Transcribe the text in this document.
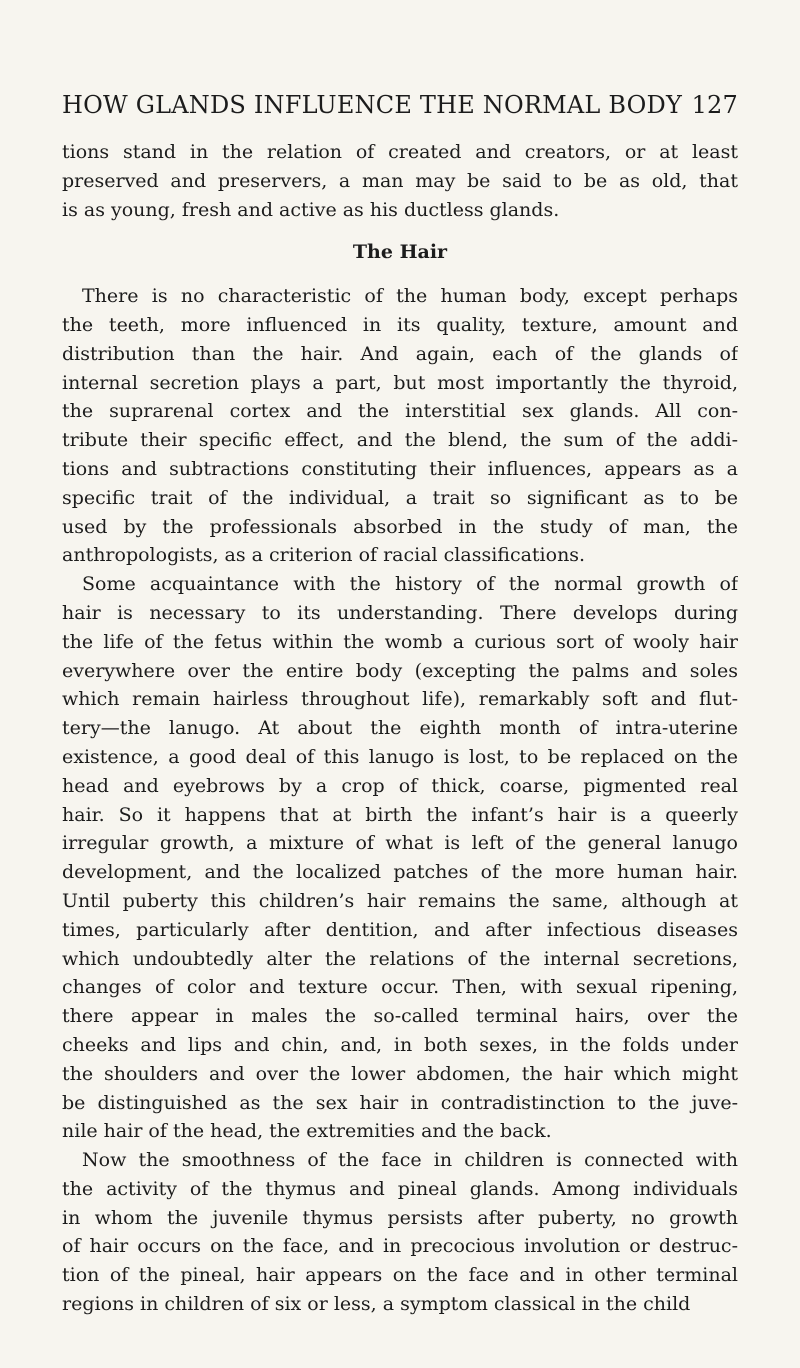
HOW GLANDS INFLUENCE THE NORMAL BODY 127
tions stand in the relation of created and creators, or at least
preserved and preservers, a man may be said to be as old, that
is as young, fresh and active as his ductless glands.
The Hair
There is no characteristic of the human body, except perhaps
the teeth, more influenced in its quality, texture, amount and
distribution than the hair. And again, each of the glands of
internal secretion plays a part, but most importantly the thyroid,
the suprarenal cortex and the interstitial sex glands. All con-
tribute their specific effect, and the blend, the sum of the addi-
tions and subtractions constituting their influences, appears as a
specific trait of the individual, a trait so significant as to be
used by the professionals absorbed in the study of man, the
anthropologists, as a criterion of racial classifications.
Some acquaintance with the history of the normal growth of
hair is necessary to its understanding. There develops during
the life of the fetus within the womb a curious sort of wooly hair
everywhere over the entire body (excepting the palms and soles
which remain hairless throughout life), remarkably soft and flut-
tery—the lanugo. At about the eighth month of intra-uterine
existence, a good deal of this lanugo is lost, to be replaced on the
head and eyebrows by a crop of thick, coarse, pigmented real
hair. So it happens that at birth the infant’s hair is a queerly
irregular growth, a mixture of what is left of the general lanugo
development, and the localized patches of the more human hair.
Until puberty this children’s hair remains the same, although at
times, particularly after dentition, and after infectious diseases
which undoubtedly alter the relations of the internal secretions,
changes of color and texture occur. Then, with sexual ripening,
there appear in males the so-called terminal hairs, over the
cheeks and lips and chin, and, in both sexes, in the folds under
the shoulders and over the lower abdomen, the hair which might
be distinguished as the sex hair in contradistinction to the juve-
nile hair of the head, the extremities and the back.
Now the smoothness of the face in children is connected with
the activity of the thymus and pineal glands. Among individuals
in whom the juvenile thymus persists after puberty, no growth
of hair occurs on the face, and in precocious involution or destruc-
tion of the pineal, hair appears on the face and in other terminal
regions in children of six or less, a symptom classical in the child
